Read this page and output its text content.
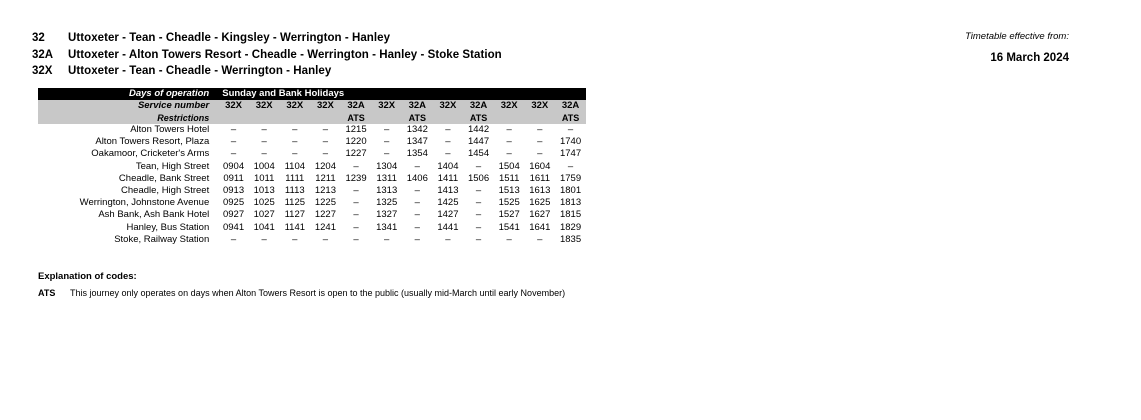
32	Uttoxeter - Tean - Cheadle - Kingsley - Werrington - Hanley
32A	Uttoxeter - Alton Towers Resort - Cheadle - Werrington - Hanley - Stoke Station
32X	Uttoxeter - Tean - Cheadle - Werrington - Hanley
Timetable effective from:
16 March 2024
Days of operation	Sunday and Bank Holidays											
Service number	32X	32X	32X	32X	32A	32X	32A	32X	32A	32X	32X	32A
Restrictions					ATS		ATS		ATS			ATS
Alton Towers Hotel	–	–	–	–	1215	–	1342	–	1442	–	–	–
Alton Towers Resort, Plaza	–	–	–	–	1220	–	1347	–	1447	–	–	1740
Oakamoor, Cricketer's Arms	–	–	–	–	1227	–	1354	–	1454	–	–	1747
Tean, High Street	0904	1004	1104	1204	–	1304	–	1404	–	1504	1604	–
Cheadle, Bank Street	0911	1011	1111	1211	1239	1311	1406	1411	1506	1511	1611	1759
Cheadle, High Street	0913	1013	1113	1213	–	1313	–	1413	–	1513	1613	1801
Werrington, Johnstone Avenue	0925	1025	1125	1225	–	1325	–	1425	–	1525	1625	1813
Ash Bank, Ash Bank Hotel	0927	1027	1127	1227	–	1327	–	1427	–	1527	1627	1815
Hanley, Bus Station	0941	1041	1141	1241	–	1341	–	1441	–	1541	1641	1829
Stoke, Railway Station	–	–	–	–	–	–	–	–	–	–	–	1835
Explanation of codes:
ATS	This journey only operates on days when Alton Towers Resort is open to the public (usually mid-March until early November)
